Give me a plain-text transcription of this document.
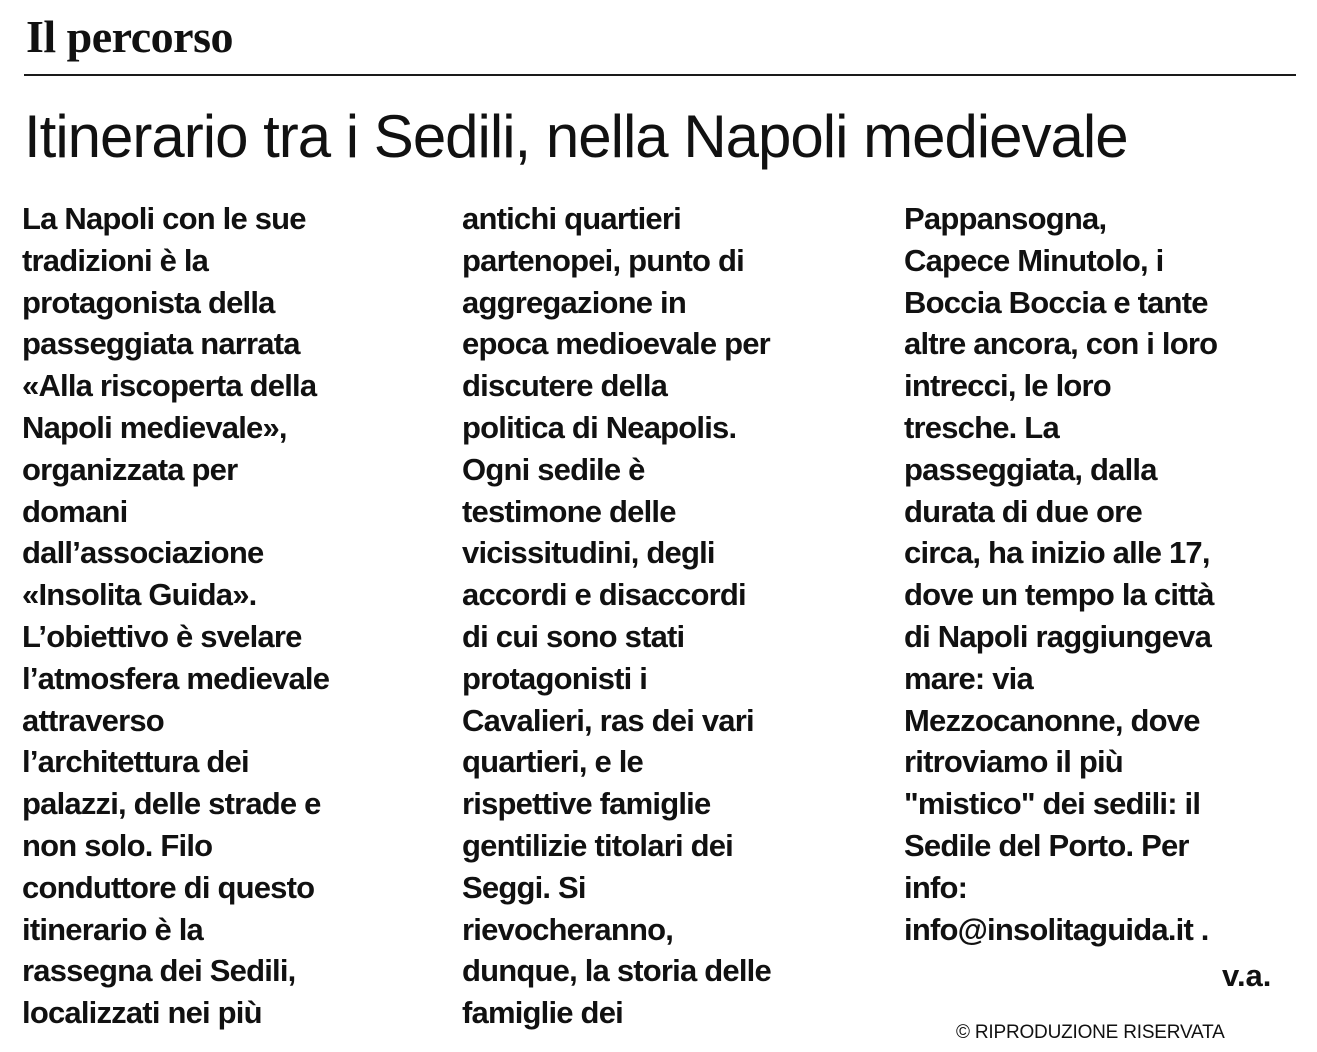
Il percorso
Itinerario tra i Sedili, nella Napoli medievale
La Napoli con le sue
tradizioni è la
protagonista della
passeggiata narrata
«Alla riscoperta della
Napoli medievale»,
organizzata per
domani
dall’associazione
«Insolita Guida».
L’obiettivo è svelare
l’atmosfera medievale
attraverso
l’architettura dei
palazzi, delle strade e
non solo. Filo
conduttore di questo
itinerario è la
rassegna dei Sedili,
localizzati nei più
antichi quartieri
partenopei, punto di
aggregazione in
epoca medioevale per
discutere della
politica di Neapolis.
Ogni sedile è
testimone delle
vicissitudini, degli
accordi e disaccordi
di cui sono stati
protagonisti i
Cavalieri, ras dei vari
quartieri, e le
rispettive famiglie
gentilizie titolari dei
Seggi. Si
rievocheranno,
dunque, la storia delle
famiglie dei
Pappansogna,
Capece Minutolo, i
Boccia Boccia e tante
altre ancora, con i loro
intrecci, le loro
tresche. La
passeggiata, dalla
durata di due ore
circa, ha inizio alle 17,
dove un tempo la città
di Napoli raggiungeva
mare: via
Mezzocanonne, dove
ritroviamo il più
"mistico" dei sedili: il
Sedile del Porto. Per
info:
info@insolitaguida.it .
v.a.
© RIPRODUZIONE RISERVATA
